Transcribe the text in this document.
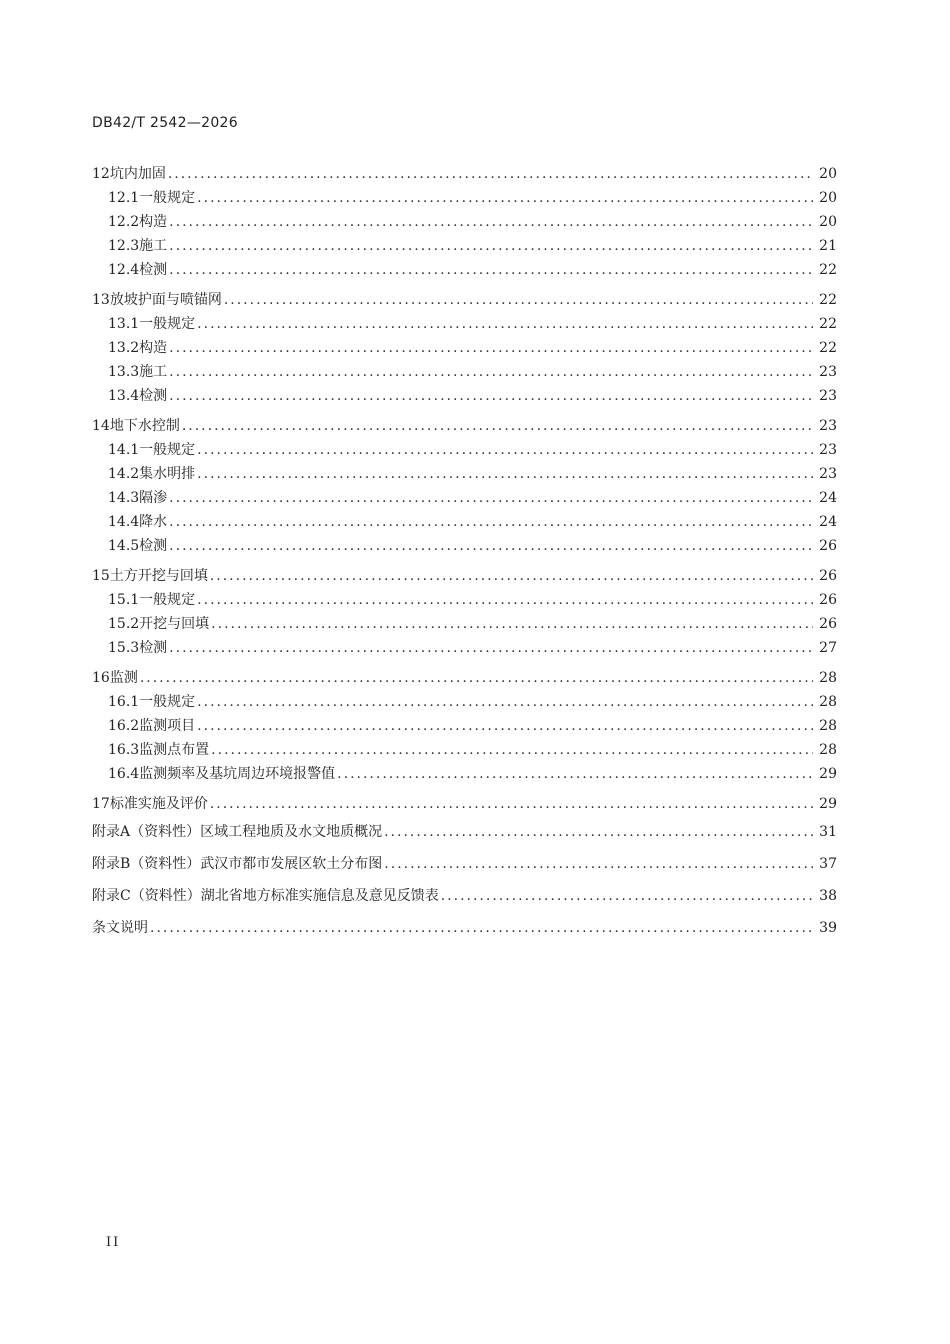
DB42/T 2542—2026
12 坑内加固 .....	20
12.1 一般规定 .....	20
12.2 构造 .....	20
12.3 施工 .....	21
12.4 检测 .....	22
13 放坡护面与喷锚网 .....	22
13.1 一般规定 .....	22
13.2 构造 .....	22
13.3 施工 .....	23
13.4 检测 .....	23
14 地下水控制 .....	23
14.1 一般规定 .....	23
14.2 集水明排 .....	23
14.3 隔渗 .....	24
14.4 降水 .....	24
14.5 检测 .....	26
15 土方开挖与回填 .....	26
15.1 一般规定 .....	26
15.2 开挖与回填 .....	26
15.3 检测 .....	27
16 监测 .....	28
16.1 一般规定 .....	28
16.2 监测项目 .....	28
16.3 监测点布置 .....	28
16.4 监测频率及基坑周边环境报警值 .....	29
17 标准实施及评价 .....	29
附录A（资料性）区域工程地质及水文地质概况 .....	31
附录B（资料性）武汉市都市发展区软土分布图 .....	37
附录C（资料性）湖北省地方标准实施信息及意见反馈表 .....	38
条文说明 .....	39
II
